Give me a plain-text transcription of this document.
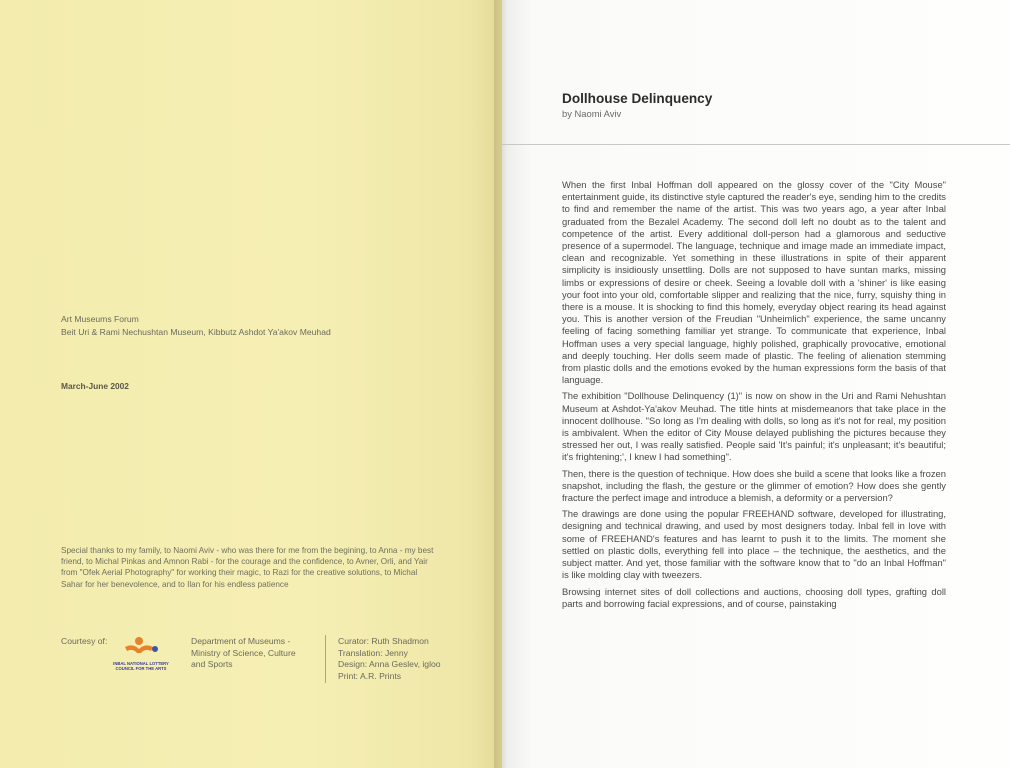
Art Museums Forum
Beit Uri & Rami Nechushtan Museum, Kibbutz Ashdot Ya'akov Meuhad
March-June 2002
Special thanks to my family, to Naomi Aviv - who was there for me from the begining, to Anna - my best friend, to Michal Pinkas and Amnon Rabi - for the courage and the confidence, to Avner, Orli, and Yair from "Ofek Aerial Photography" for working their magic, to Razi for the creative solutions, to Michal Sahar for her benevolence, and to Ilan for his endless patience
Courtesy of:
INBAL NATIONAL LOTTERY
COUNCIL FOR THE ARTS
Department of Museums -
Ministry of Science, Culture
and Sports
Curator: Ruth Shadmon
Translation: Jenny
Design: Anna Geslev, igloo
Print: A.R. Prints
Dollhouse Delinquency
by Naomi Aviv

When the first Inbal Hoffman doll appeared on the glossy cover of the "City Mouse" entertainment guide, its distinctive style captured the reader's eye, sending him to the credits to find and remember the name of the artist. This was two years ago, a year after Inbal graduated from the Bezalel Academy. The second doll left no doubt as to the talent and competence of the artist. Every additional doll-person had a glamorous and seductive presence of a supermodel. The language, technique and image made an immediate impact, clean and recognizable. Yet something in these illustrations in spite of their apparent simplicity is insidiously unsettling. Dolls are not supposed to have suntan marks, missing limbs or expressions of desire or cheek. Seeing a lovable doll with a 'shiner' is like easing your foot into your old, comfortable slipper and realizing that the nice, furry, squishy thing in there is a mouse. It is shocking to find this homely, everyday object rearing its head against you. This is another version of the Freudian "Unheimlich" experience, the same uncanny feeling of facing something familiar yet strange. To communicate that experience, Inbal Hoffman uses a very special language, highly polished, graphically provocative, emotional and deeply touching. Her dolls seem made of plastic. The feeling of alienation stemming from plastic dolls and the emotions evoked by the human expressions form the basis of that language.

The exhibition "Dollhouse Delinquency (1)" is now on show in the Uri and Rami Nehushtan Museum at Ashdot-Ya'akov Meuhad. The title hints at misdemeanors that take place in the innocent dollhouse. "So long as I'm dealing with dolls, so long as it's not for real, my position is ambivalent. When the editor of City Mouse delayed publishing the pictures because they stressed her out, I was really satisfied. People said 'It's painful; it's unpleasant; it's beautiful; it's frightening;', I knew I had something".

Then, there is the question of technique. How does she build a scene that looks like a frozen snapshot, including the flash, the gesture or the glimmer of emotion? How does she gently fracture the perfect image and introduce a blemish, a deformity or a perversion?

The drawings are done using the popular FREEHAND software, developed for illustrating, designing and technical drawing, and used by most designers today. Inbal fell in love with some of FREEHAND's features and has learnt to push it to the limits. The moment she settled on plastic dolls, everything fell into place – the technique, the aesthetics, and the subject matter. And yet, those familiar with the software know that to "do an Inbal Hoffman" is like molding clay with tweezers.

Browsing internet sites of doll collections and auctions, choosing doll types, grafting doll parts and borrowing facial expressions, and of course, painstaking
